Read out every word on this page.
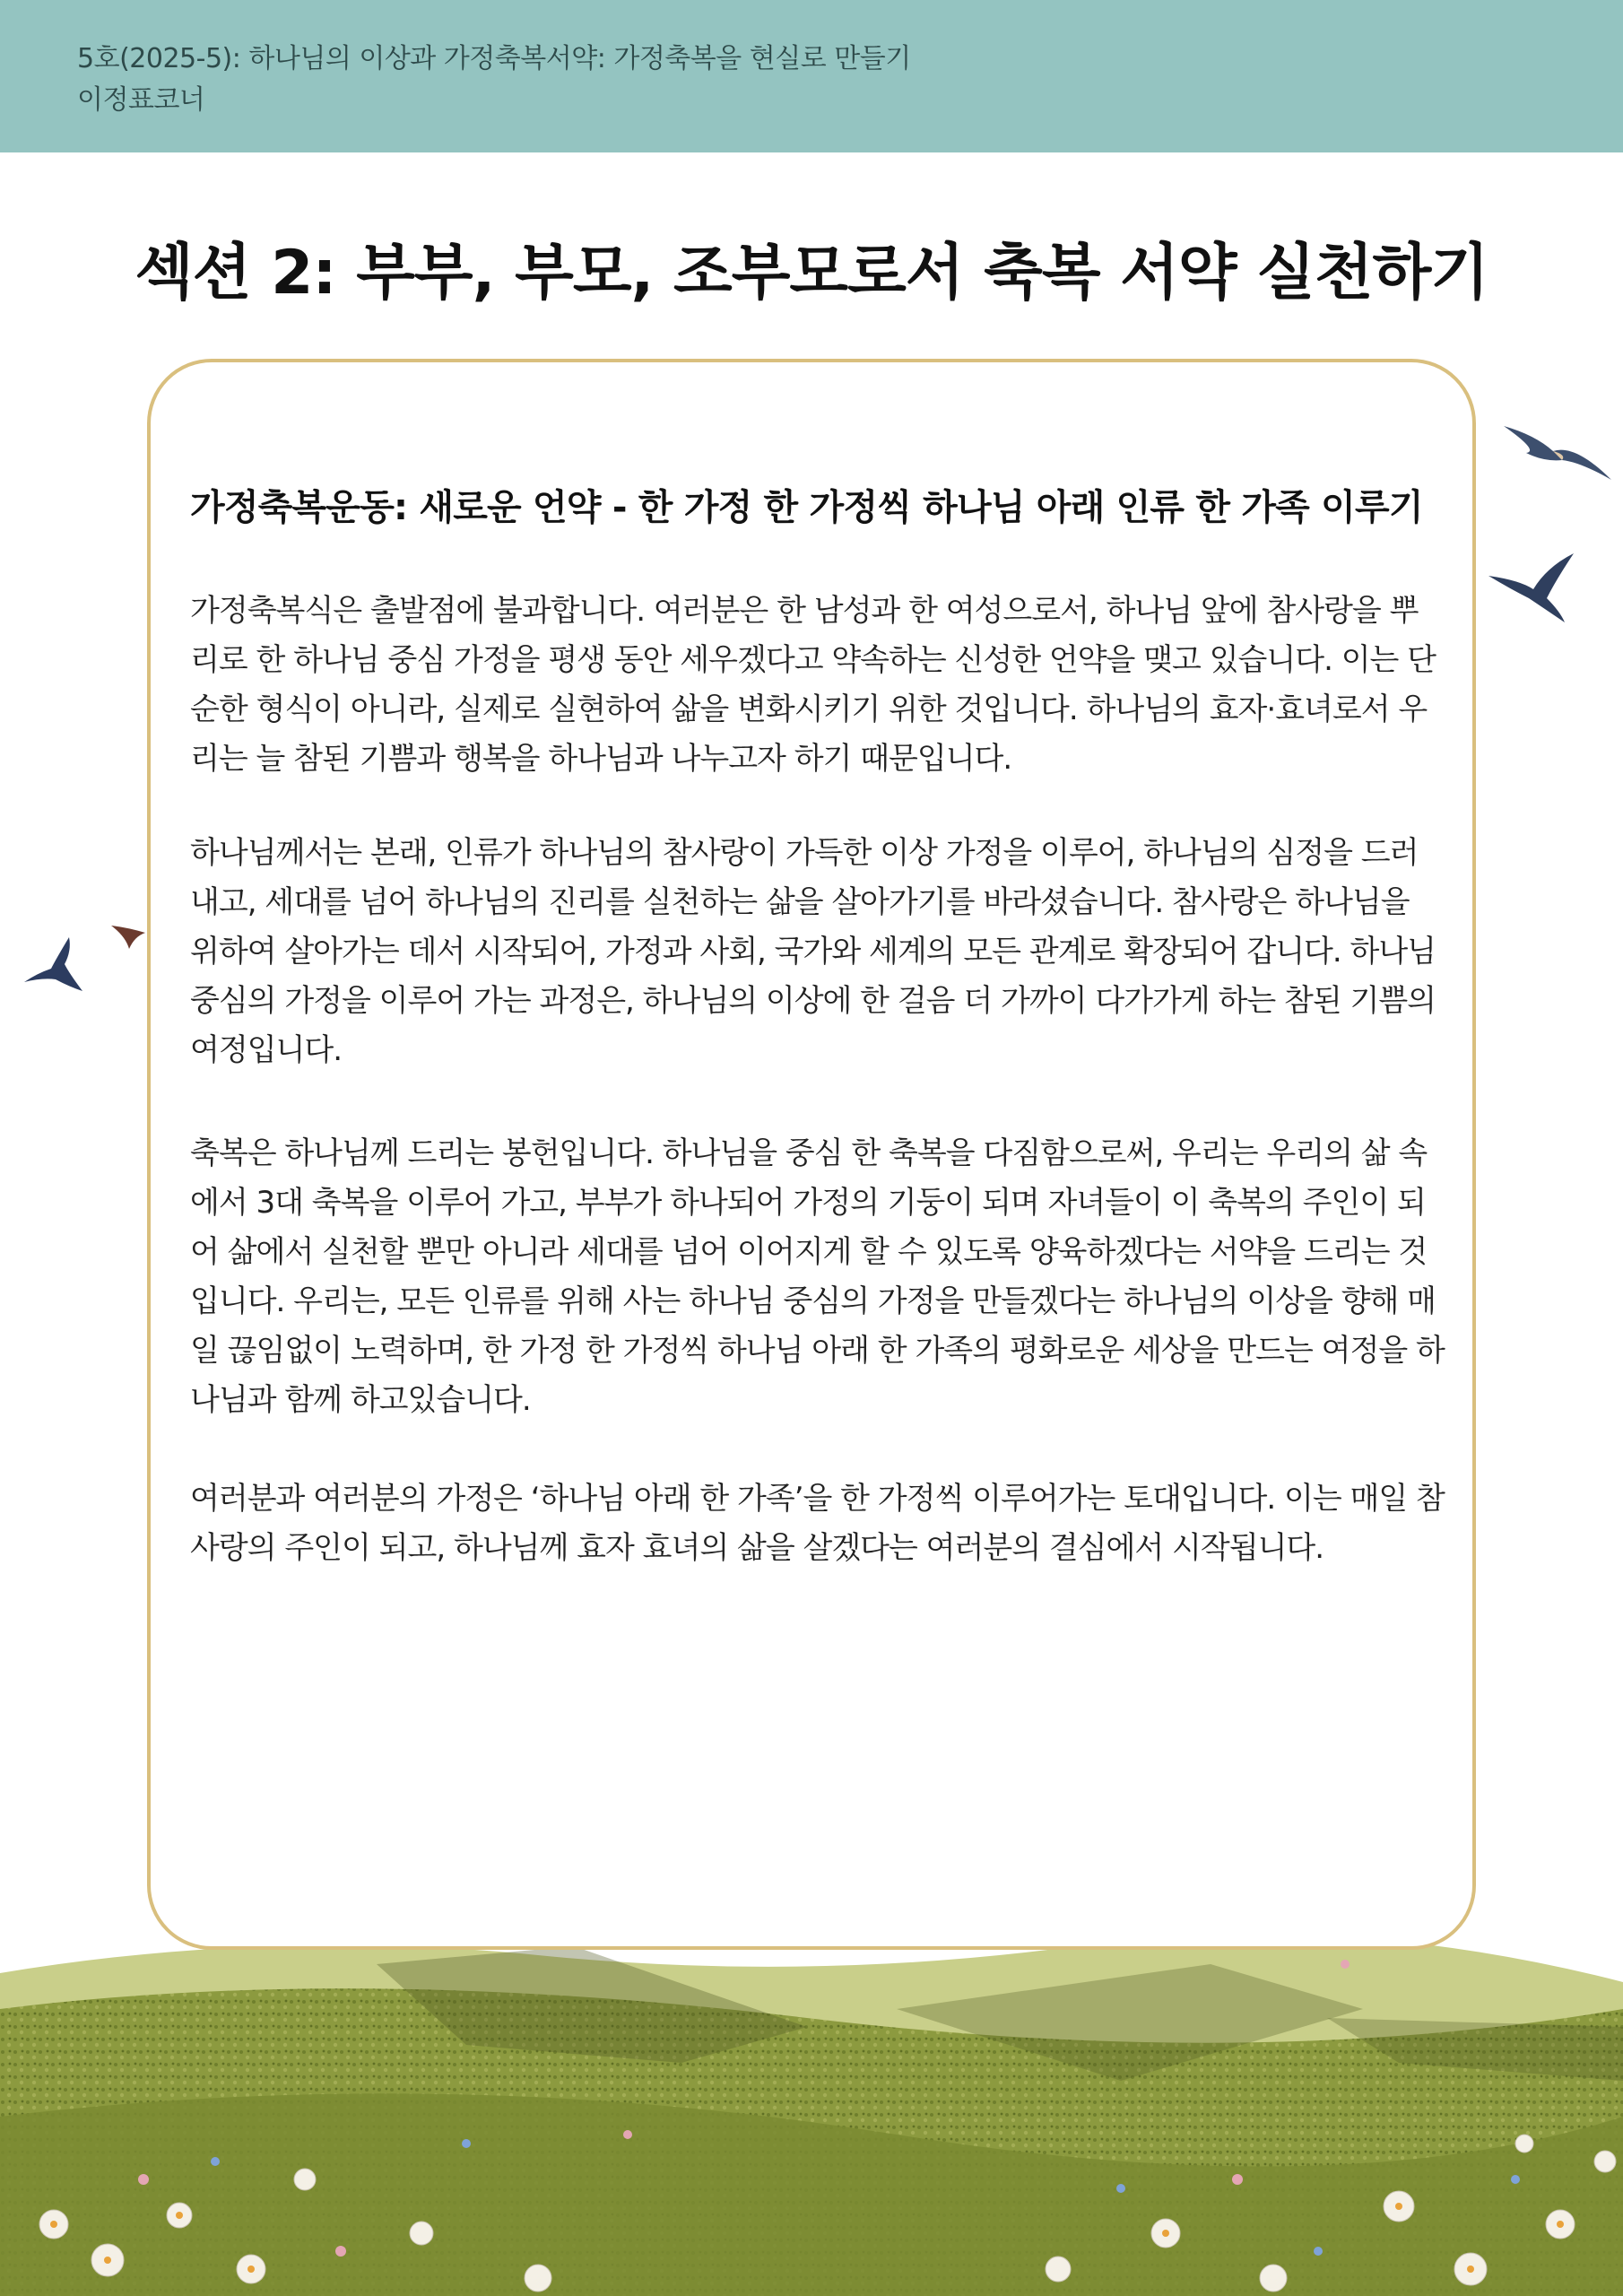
5호(2025-5): 하나님의 이상과 가정축복서약: 가정축복을 현실로 만들기
이정표코너
섹션 2: 부부, 부모, 조부모로서 축복 서약 실천하기
가정축복운동: 새로운 언약 - 한 가정 한 가정씩 하나님 아래 인류 한 가족 이루기

가정축복식은 출발점에 불과합니다. 여러분은 한 남성과 한 여성으로서, 하나님 앞에 참사랑을 뿌리로 한 하나님 중심 가정을 평생 동안 세우겠다고 약속하는 신성한 언약을 맺고 있습니다. 이는 단순한 형식이 아니라, 실제로 실현하여 삶을 변화시키기 위한 것입니다. 하나님의 효자·효녀로서 우리는 늘 참된 기쁨과 행복을 하나님과 나누고자 하기 때문입니다.

하나님께서는 본래, 인류가 하나님의 참사랑이 가득한 이상 가정을 이루어, 하나님의 심정을 드러내고, 세대를 넘어 하나님의 진리를 실천하는 삶을 살아가기를 바라셨습니다. 참사랑은 하나님을 위하여 살아가는 데서 시작되어, 가정과 사회, 국가와 세계의 모든 관계로 확장되어 갑니다. 하나님 중심의 가정을 이루어 가는 과정은, 하나님의 이상에 한 걸음 더 가까이 다가가게 하는 참된 기쁨의 여정입니다.

축복은 하나님께 드리는 봉헌입니다. 하나님을 중심 한 축복을 다짐함으로써, 우리는 우리의 삶 속에서 3대 축복을 이루어 가고, 부부가 하나되어 가정의 기둥이 되며 자녀들이 이 축복의 주인이 되어 삶에서 실천할 뿐만 아니라 세대를 넘어 이어지게 할 수 있도록 양육하겠다는 서약을 드리는 것입니다. 우리는, 모든 인류를 위해 사는 하나님 중심의 가정을 만들겠다는 하나님의 이상을 향해 매일 끊임없이 노력하며, 한 가정 한 가정씩 하나님 아래 한 가족의 평화로운 세상을 만드는 여정을 하나님과 함께 하고있습니다.

여러분과 여러분의 가정은 ‘하나님 아래 한 가족’을 한 가정씩 이루어가는 토대입니다. 이는 매일 참사랑의 주인이 되고, 하나님께 효자 효녀의 삶을 살겠다는 여러분의 결심에서 시작됩니다.
